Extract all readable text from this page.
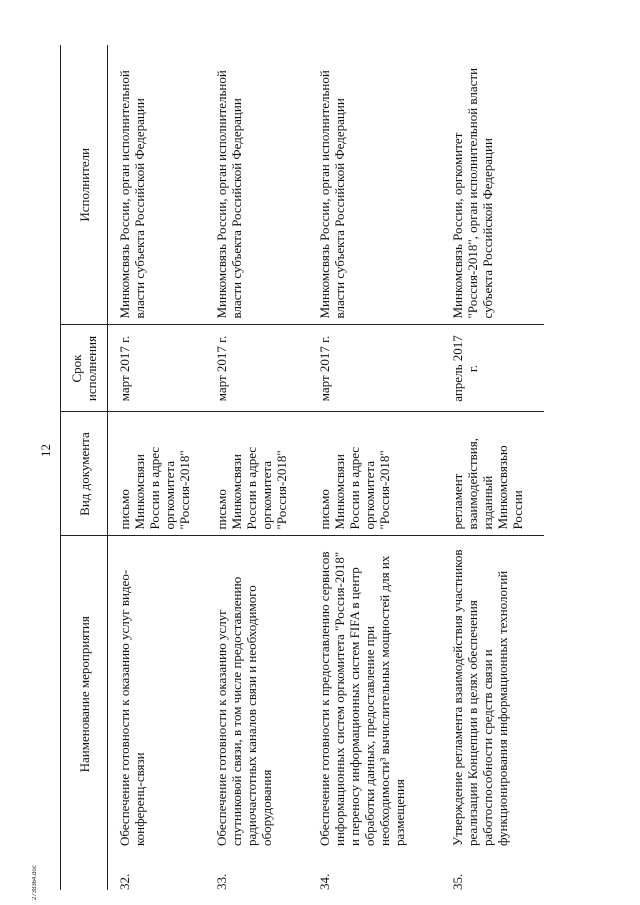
12
	Наименование мероприятия	Вид документа	Срок исполнения	Исполнители
32.	Обеспечение готовности к оказанию услуг видео-конференц-связи	письмо Минкомсвязи России в адрес оргкомитета "Россия-2018"	март 2017 г.	Минкомсвязь России, орган исполнительной власти субъекта Российской Федерации
33.	Обеспечение готовности к оказанию услуг спутниковой связи, в том числе предоставлению радиочастотных каналов связи и необходимого оборудования	письмо Минкомсвязи России в адрес оргкомитета "Россия-2018"	март 2017 г.	Минкомсвязь России, орган исполнительной власти субъекта Российской Федерации
34.	Обеспечение готовности к предоставлению сервисов информационных систем оргкомитета "Россия-2018" и переносу информационных систем FIFA в центр обработки данных, предоставление при необходимости³ вычислительных мощностей для их размещения	письмо Минкомсвязи России в адрес оргкомитета "Россия-2018"	март 2017 г.	Минкомсвязь России, орган исполнительной власти субъекта Российской Федерации
35.	Утверждение регламента взаимодействия участников реализации Концепции в целях обеспечения работоспособности средств связи и функционирования информационных технологий	регламент взаимодействия, изданный Минкомсвязью России	апрель 2017 г.	Минкомсвязь России, оргкомитет "Россия-2018", орган исполнительной власти субъекта Российской Федерации
2738364.doc
